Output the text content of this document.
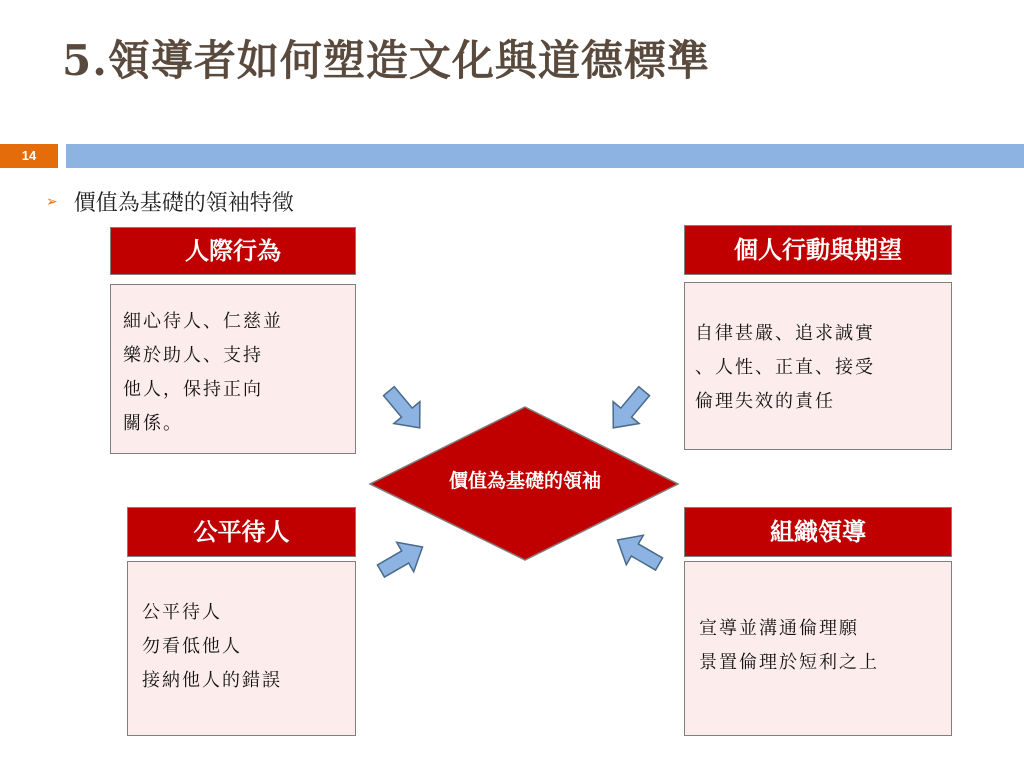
5.領導者如何塑造文化與道德標準
14
➢ 價值為基礎的領袖特徵
價值為基礎的領袖
人際行為
細心待人、仁慈並
樂於助人、支持
他人，保持正向
關係。
個人行動與期望
自律甚嚴、追求誠實
、人性、正直、接受
倫理失效的責任
公平待人
公平待人
勿看低他人
接納他人的錯誤
組織領導
宣導並溝通倫理願
景置倫理於短利之上
